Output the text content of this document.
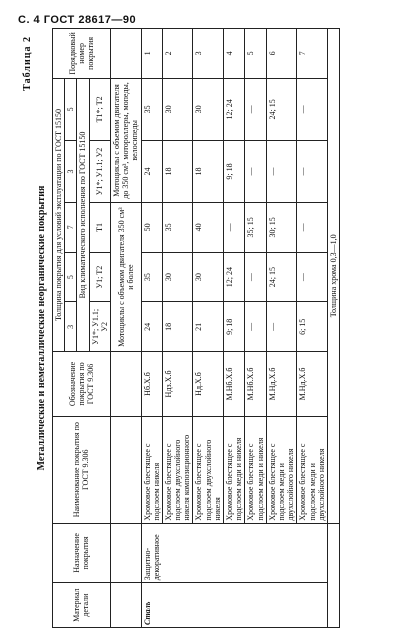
С. 4 ГОСТ 28617—90
Таблица 2
Металлические и неметаллические неорганические покрытия
Материал детали	Назначение покрытия	Наименование покрытия по ГОСТ 9.306	Обозначение покрытия по ГОСТ 9.306	Толщина покрытия для условий эксплуатации по ГОСТ 15150					Порядковый номер покрытия
				3	5	7	3	5	
				Вид климатического исполнения по ГОСТ 15150					
				У1*; У1.1; У2	У1; Т2	Т1	У1*; У1.1; У2	Т1*; Т2	
				Мотоциклы с объемом двигателя 350 см³ и более			Мотоциклы с объемом двигателя до 350 см³, мотороллеры, мопеды, велосипеды		
Сталь	Защитно-декоративное	Хромовое блестящее с подслоем никеля	Нб.Х.б	24	35	50	24	35	1
		Хромовое блестящее с подслоем двухслойного никеля композиционного	Ндз.Х.б	18	30	35	18	30	2
		Хромовое блестящее с подслоем двухслойного никеля	Нд.Х.б	21	30	40	18	30	3
		Хромовое блестящее с подслоем меди и никеля	М.Нб.Х.б	9; 18	12; 24	—	9; 18	12; 24	4
		Хромовое блестящее с подслоем меди и никеля	М.Нб.Х.б	—	—	35; 15	—	—	5
		Хромовое блестящее с подслоем меди и двухслойного никеля	М.Нд.Х.б	—	24; 15	30; 15	—	24; 15	6
		Хромовое блестящее с подслоем меди и двухслойного никеля	М.Нд.Х.б	6; 15	—	—	—	—	7
		Толщина хрома 0,3—1,0							
